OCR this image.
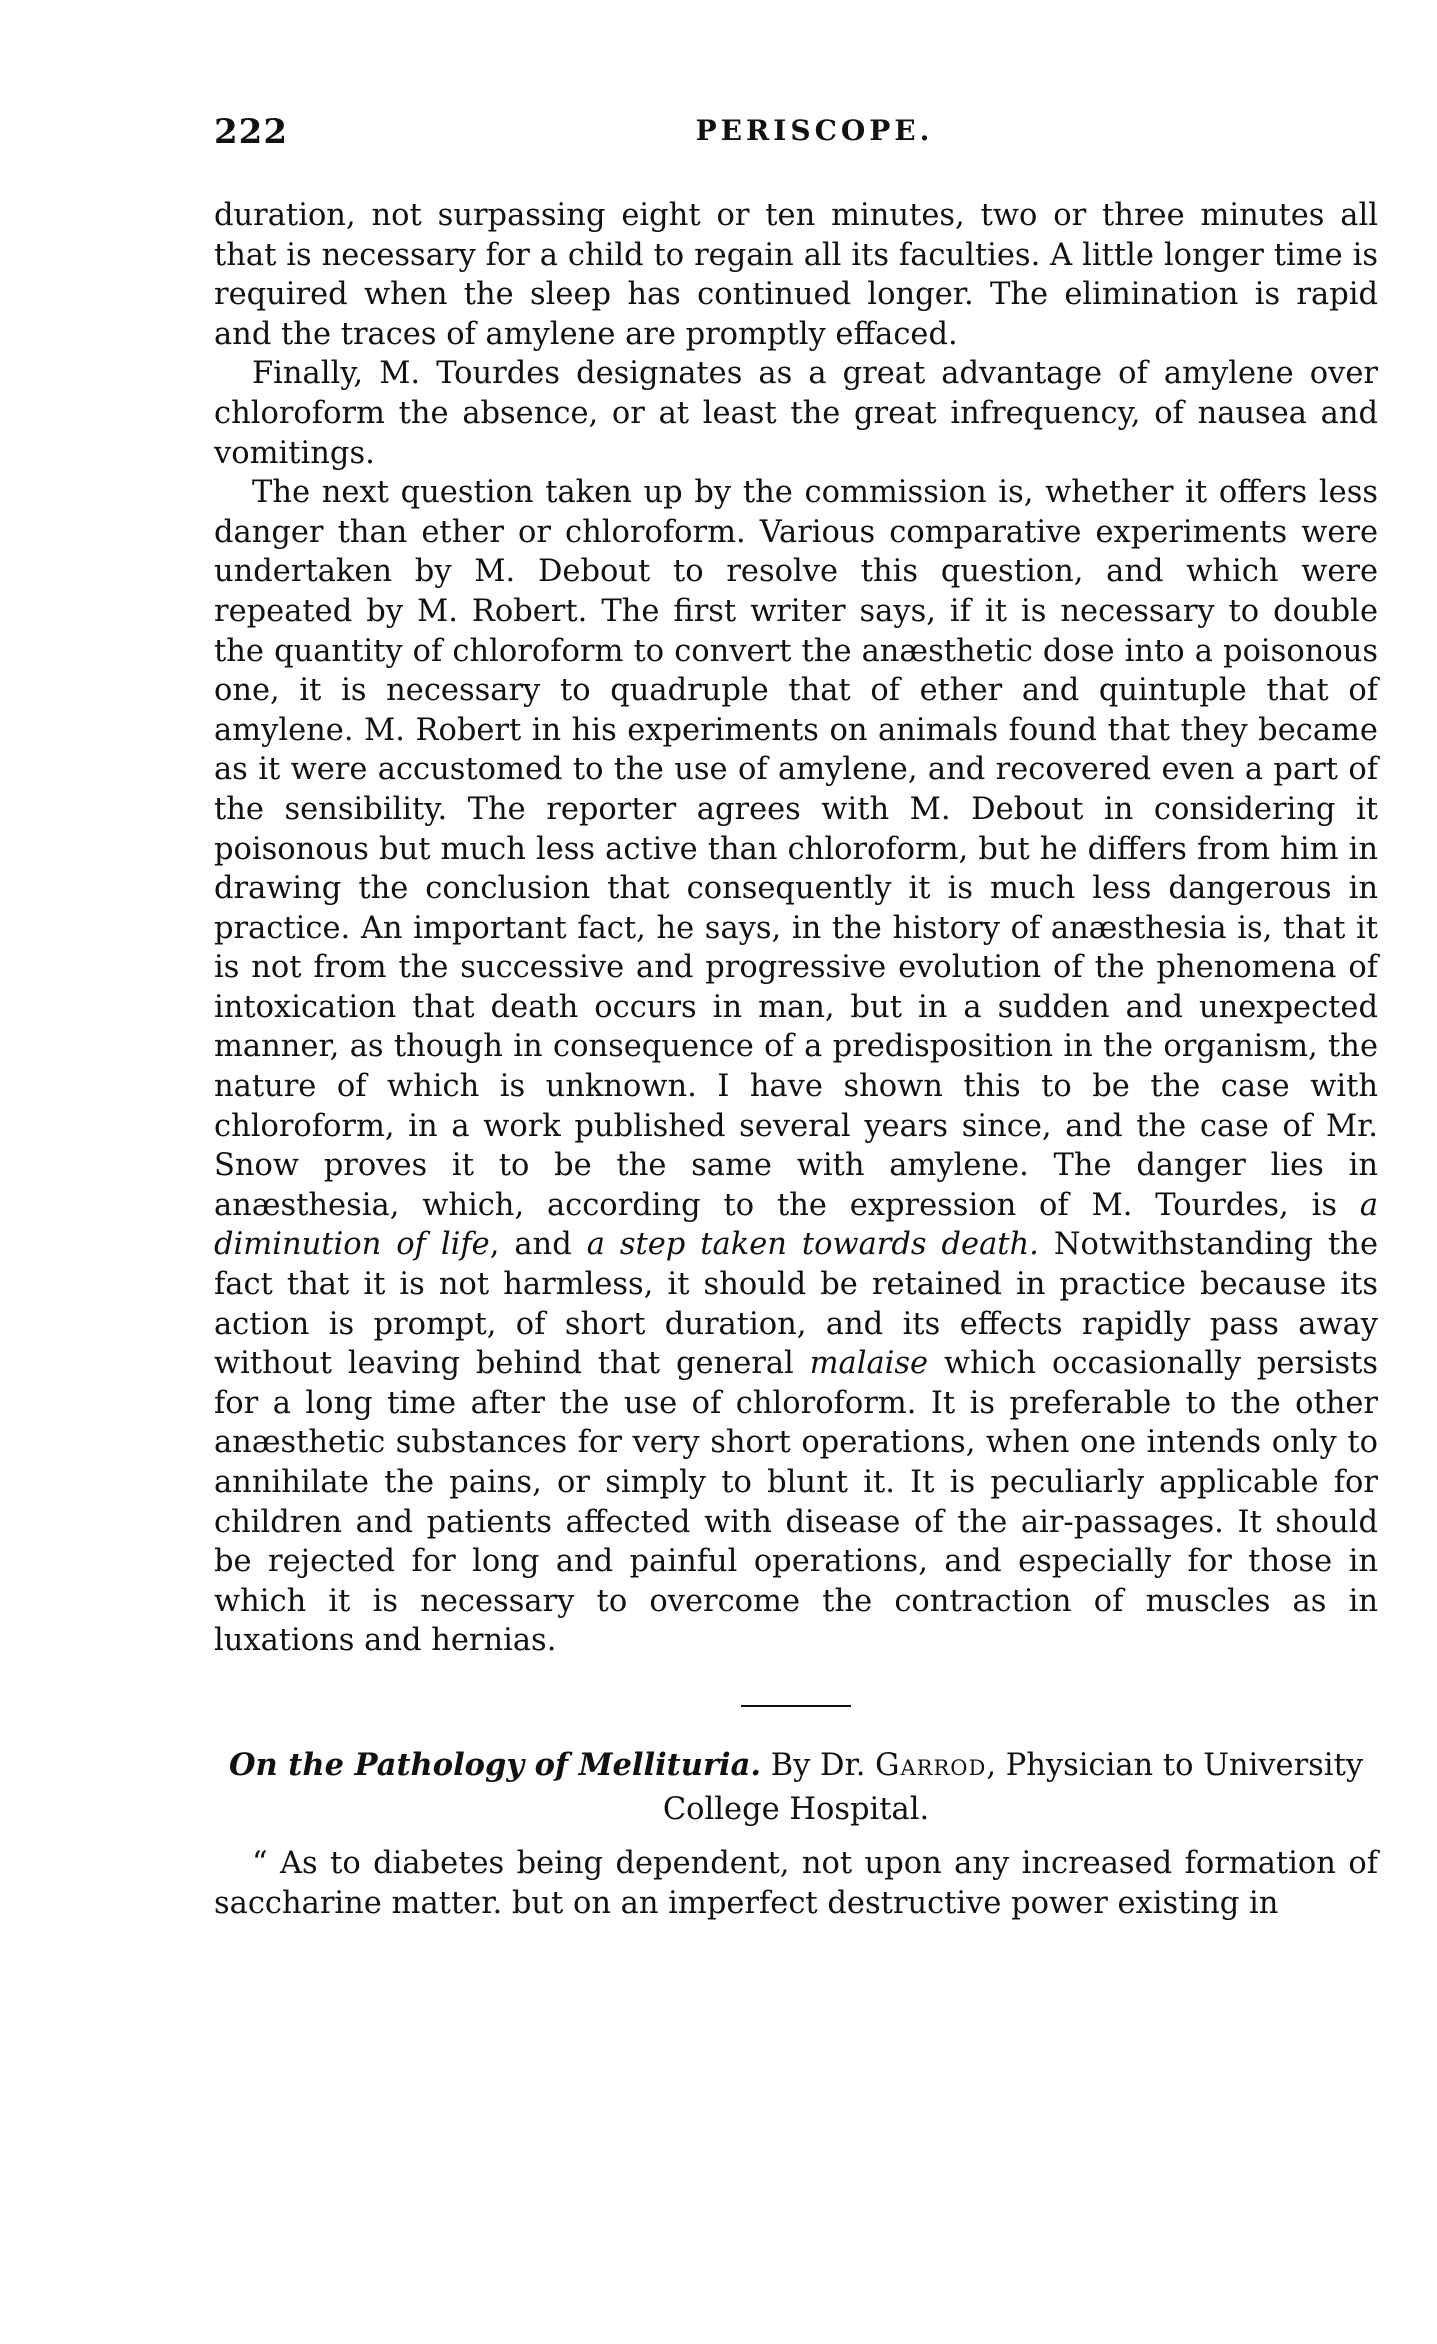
222	PERISCOPE.

duration, not surpassing eight or ten minutes, two or three minutes all that is necessary for a child to regain all its faculties. A little longer time is required when the sleep has continued longer. The elimination is rapid and the traces of amylene are promptly effaced.

Finally, M. Tourdes designates as a great advantage of amylene over chloroform the absence, or at least the great infrequency, of nausea and vomitings.

The next question taken up by the commission is, whether it offers less danger than ether or chloroform. Various comparative experiments were undertaken by M. Debout to resolve this question, and which were repeated by M. Robert. The first writer says, if it is necessary to double the quantity of chloroform to convert the anæsthetic dose into a poisonous one, it is necessary to quadruple that of ether and quintuple that of amylene. M. Robert in his experiments on animals found that they became as it were accustomed to the use of amylene, and recovered even a part of the sensibility. The reporter agrees with M. Debout in considering it poisonous but much less active than chloroform, but he differs from him in drawing the conclusion that consequently it is much less dangerous in practice. An important fact, he says, in the history of anæsthesia is, that it is not from the successive and progressive evolution of the phenomena of intoxication that death occurs in man, but in a sudden and unexpected manner, as though in consequence of a predisposition in the organism, the nature of which is unknown. I have shown this to be the case with chloroform, in a work published several years since, and the case of Mr. Snow proves it to be the same with amylene. The danger lies in anæsthesia, which, according to the expression of M. Tourdes, is a diminution of life, and a step taken towards death. Notwithstanding the fact that it is not harmless, it should be retained in practice because its action is prompt, of short duration, and its effects rapidly pass away without leaving behind that general malaise which occasionally persists for a long time after the use of chloroform. It is preferable to the other anæsthetic substances for very short operations, when one intends only to annihilate the pains, or simply to blunt it. It is peculiarly applicable for children and patients affected with disease of the air-passages. It should be rejected for long and painful operations, and especially for those in which it is necessary to overcome the contraction of muscles as in luxations and hernias.

On the Pathology of Mellituria. By Dr. Garrod, Physician to University College Hospital.

“ As to diabetes being dependent, not upon any increased formation of saccharine matter. but on an imperfect destructive power existing in
